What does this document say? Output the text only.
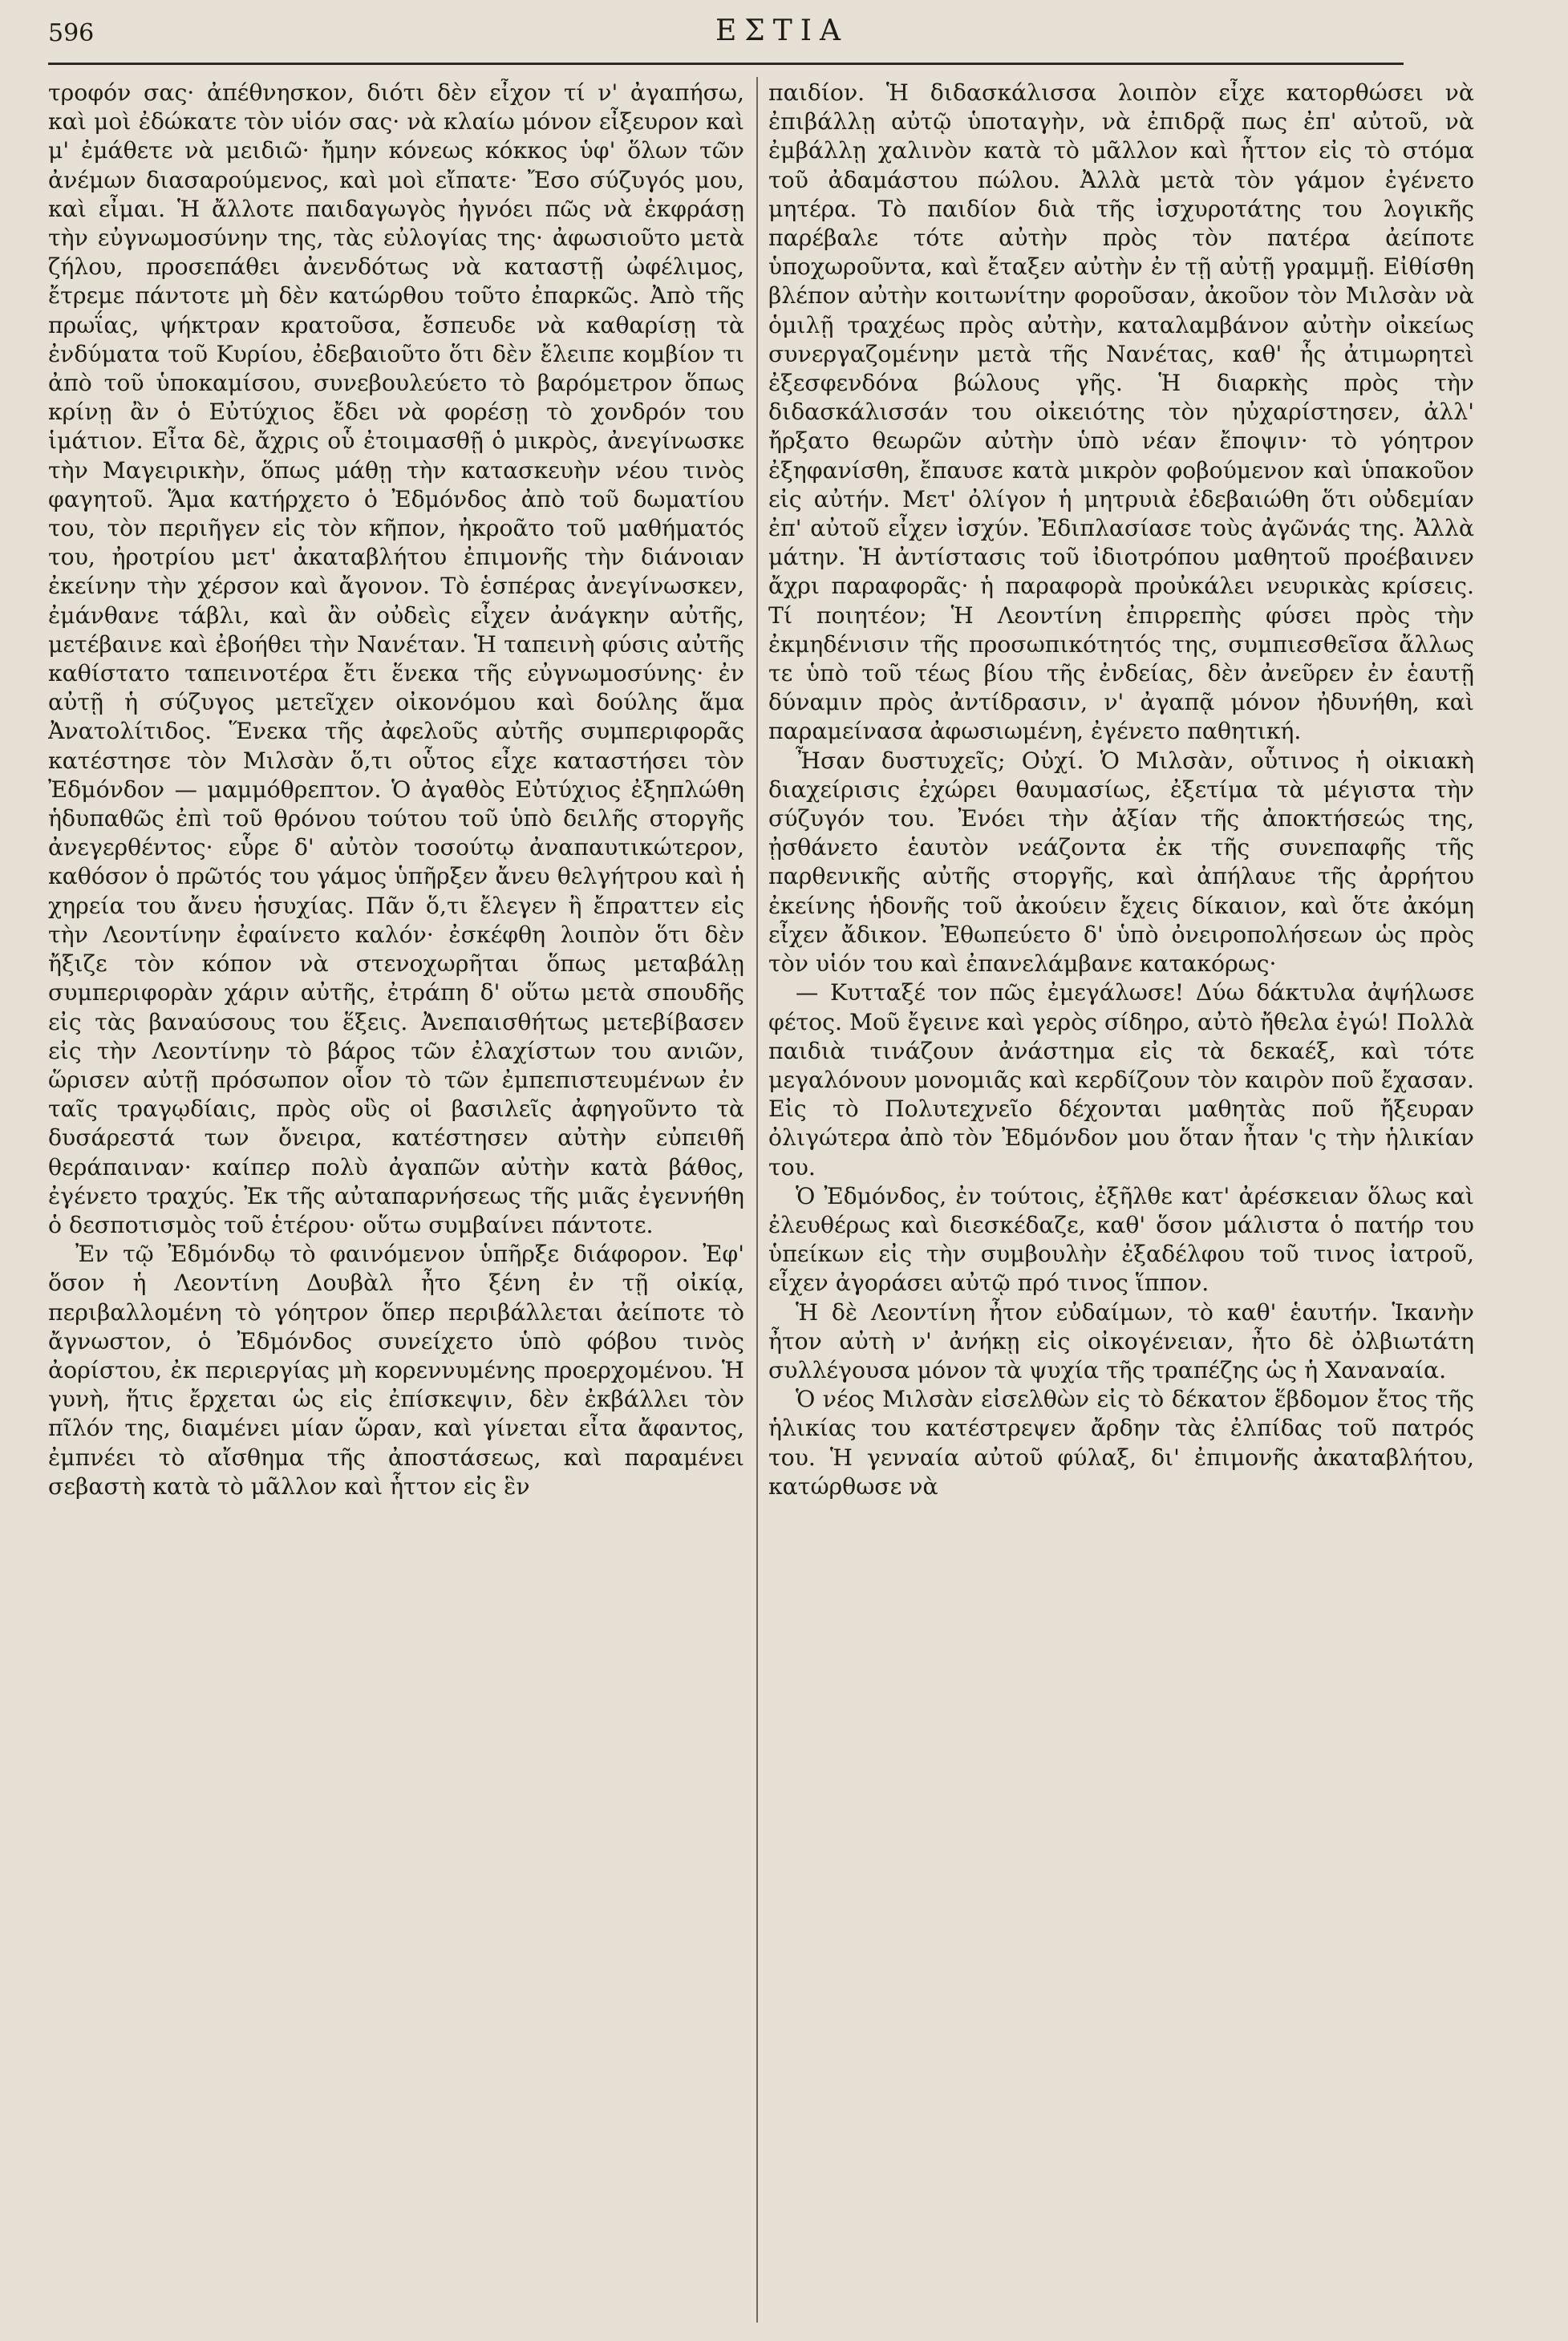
596	ΕΣΤΙΑ

τροφόν σας· ἀπέθνησκον, διότι δὲν εἶχον τί ν' ἀγαπήσω, καὶ μοὶ ἐδώκατε τὸν υἱόν σας· νὰ κλαίω μόνον εἶξευρον καὶ μ' ἐμάθετε νὰ μειδιῶ· ἤμην κόνεως κόκκος ὑφ' ὅλων τῶν ἀνέμων διασαρούμενος, καὶ μοὶ εἴπατε· Ἔσο σύζυγός μου, καὶ εἶμαι. Ἡ ἄλλοτε παιδαγωγὸς ἠγνόει πῶς νὰ ἐκφράσῃ τὴν εὐγνωμοσύνην της, τὰς εὐλογίας της· ἀφωσιοῦτο μετὰ ζήλου, προσεπάθει ἀνενδότως νὰ καταστῇ ὠφέλιμος, ἔτρεμε πάντοτε μὴ δὲν κατώρθου τοῦτο ἐπαρκῶς. Ἀπὸ τῆς πρωΐας, ψήκτραν κρατοῦσα, ἔσπευδε νὰ καθαρίσῃ τὰ ἐνδύματα τοῦ Κυρίου, ἐδεβαιοῦτο ὅτι δὲν ἔλειπε κομβίον τι ἀπὸ τοῦ ὑποκαμίσου, συνεβουλεύετο τὸ βαρόμετρον ὅπως κρίνῃ ἂν ὁ Εὐτύχιος ἔδει νὰ φορέσῃ τὸ χονδρόν του ἱμάτιον. Εἶτα δὲ, ἄχρις οὗ ἐτοιμασθῇ ὁ μικρὸς, ἀνεγίνωσκε τὴν Μαγειρικὴν, ὅπως μάθῃ τὴν κατασκευὴν νέου τινὸς φαγητοῦ. Ἅμα κατήρχετο ὁ Ἐδμόνδος ἀπὸ τοῦ δωματίου του, τὸν περιῆγεν εἰς τὸν κῆπον, ἠκροᾶτο τοῦ μαθήματός του, ἠροτρίου μετ' ἀκαταβλήτου ἐπιμονῆς τὴν διάνοιαν ἐκείνην τὴν χέρσον καὶ ἄγονον. Τὸ ἑσπέρας ἀνεγίνωσκεν, ἐμάνθανε τάβλι, καὶ ἂν οὐδεὶς εἶχεν ἀνάγκην αὐτῆς, μετέβαινε καὶ ἐβοήθει τὴν Νανέταν. Ἡ ταπεινὴ φύσις αὐτῆς καθίστατο ταπεινοτέρα ἔτι ἕνεκα τῆς εὐγνωμοσύνης· ἐν αὐτῇ ἡ σύζυγος μετεῖχεν οἰκονόμου καὶ δούλης ἅμα Ἀνατολίτιδος. Ἕνεκα τῆς ἀφελοῦς αὐτῆς συμπεριφορᾶς κατέστησε τὸν Μιλσὰν ὅ,τι οὗτος εἶχε καταστήσει τὸν Ἐδμόνδον — μαμμόθρεπτον. Ὁ ἀγαθὸς Εὐτύχιος ἐξηπλώθη ἡδυπαθῶς ἐπὶ τοῦ θρόνου τούτου τοῦ ὑπὸ δειλῆς στοργῆς ἀνεγερθέντος· εὗρε δ' αὐτὸν τοσούτῳ ἀναπαυτικώτερον, καθόσον ὁ πρῶτός του γάμος ὑπῆρξεν ἄνευ θελγήτρου καὶ ἡ χηρεία του ἄνευ ἡσυχίας. Πᾶν ὅ,τι ἔλεγεν ἢ ἔπραττεν εἰς τὴν Λεοντίνην ἐφαίνετο καλόν· ἐσκέφθη λοιπὸν ὅτι δὲν ἤξιζε τὸν κόπον νὰ στενοχωρῆται ὅπως μεταβάλῃ συμπεριφορὰν χάριν αὐτῆς, ἐτράπη δ' οὕτω μετὰ σπουδῆς εἰς τὰς βαναύσους του ἕξεις. Ἀνεπαισθήτως μετεβίβασεν εἰς τὴν Λεοντίνην τὸ βάρος τῶν ἐλαχίστων του ανιῶν, ὥρισεν αὐτῇ πρόσωπον οἷον τὸ τῶν ἐμπεπιστευμένων ἐν ταῖς τραγῳδίαις, πρὸς οὓς οἱ βασιλεῖς ἀφηγοῦντο τὰ δυσάρεστά των ὄνειρα, κατέστησεν αὐτὴν εὐπειθῆ θεράπαιναν· καίπερ πολὺ ἀγαπῶν αὐτὴν κατὰ βάθος, ἐγένετο τραχύς. Ἐκ τῆς αὐταπαρνήσεως τῆς μιᾶς ἐγεννήθη ὁ δεσποτισμὸς τοῦ ἑτέρου· οὕτω συμβαίνει πάντοτε.

Ἐν τῷ Ἐδμόνδῳ τὸ φαινόμενον ὑπῆρξε διάφορον. Ἐφ' ὅσον ἡ Λεοντίνη Δουβὰλ ἦτο ξένη ἐν τῇ οἰκίᾳ, περιβαλλομένη τὸ γόητρον ὅπερ περιβάλλεται ἀείποτε τὸ ἄγνωστον, ὁ Ἐδμόνδος συνείχετο ὑπὸ φόβου τινὸς ἀορίστου, ἐκ περιεργίας μὴ κορεννυμένης προερχομένου. Ἡ γυνὴ, ἥτις ἔρχεται ὡς εἰς ἐπίσκεψιν, δὲν ἐκβάλλει τὸν πῖλόν της, διαμένει μίαν ὥραν, καὶ γίνεται εἶτα ἄφαντος, ἐμπνέει τὸ αἴσθημα τῆς ἀποστάσεως, καὶ παραμένει σεβαστὴ κατὰ τὸ μᾶλλον καὶ ἧττον εἰς ἓν

παιδίον. Ἡ διδασκάλισσα λοιπὸν εἶχε κατορθώσει νὰ ἐπιβάλλῃ αὐτῷ ὑποταγὴν, νὰ ἐπιδρᾷ πως ἐπ' αὐτοῦ, νὰ ἐμβάλλῃ χαλινὸν κατὰ τὸ μᾶλλον καὶ ἧττον εἰς τὸ στόμα τοῦ ἀδαμάστου πώλου. Ἀλλὰ μετὰ τὸν γάμον ἐγένετο μητέρα. Τὸ παιδίον διὰ τῆς ἰσχυροτάτης του λογικῆς παρέβαλε τότε αὐτὴν πρὸς τὸν πατέρα ἀείποτε ὑποχωροῦντα, καὶ ἔταξεν αὐτὴν ἐν τῇ αὐτῇ γραμμῇ. Εἰθίσθη βλέπον αὐτὴν κοιτωνίτην φοροῦσαν, ἀκοῦον τὸν Μιλσὰν νὰ ὁμιλῇ τραχέως πρὸς αὐτὴν, καταλαμβάνον αὐτὴν οἰκείως συνεργαζομένην μετὰ τῆς Νανέτας, καθ' ἧς ἀτιμωρητεὶ ἐξεσφενδόνα βώλους γῆς. Ἡ διαρκὴς πρὸς τὴν διδασκάλισσάν του οἰκειότης τὸν ηὐχαρίστησεν, ἀλλ' ἤρξατο θεωρῶν αὐτὴν ὑπὸ νέαν ἔποψιν· τὸ γόητρον ἐξηφανίσθη, ἔπαυσε κατὰ μικρὸν φοβούμενον καὶ ὑπακοῦον εἰς αὐτήν. Μετ' ὀλίγον ἡ μητρυιὰ ἐδεβαιώθη ὅτι οὐδεμίαν ἐπ' αὐτοῦ εἶχεν ἰσχύν. Ἐδιπλασίασε τοὺς ἀγῶνάς της. Ἀλλὰ μάτην. Ἡ ἀντίστασις τοῦ ἰδιοτρόπου μαθητοῦ προέβαινεν ἄχρι παραφορᾶς· ἡ παραφορὰ προὐκάλει νευρικὰς κρίσεις. Τί ποιητέον; Ἡ Λεοντίνη ἐπιρρεπὴς φύσει πρὸς τὴν ἐκμηδένισιν τῆς προσωπικότητός της, συμπιεσθεῖσα ἄλλως τε ὑπὸ τοῦ τέως βίου τῆς ἐνδείας, δὲν ἀνεῦρεν ἐν ἑαυτῇ δύναμιν πρὸς ἀντίδρασιν, ν' ἀγαπᾷ μόνον ἠδυνήθη, καὶ παραμείνασα ἀφωσιωμένη, ἐγένετο παθητική.

Ἦσαν δυστυχεῖς; Οὐχί. Ὁ Μιλσὰν, οὗτινος ἡ οἰκιακὴ διαχείρισις ἐχώρει θαυμασίως, ἐξετίμα τὰ μέγιστα τὴν σύζυγόν του. Ἐνόει τὴν ἀξίαν τῆς ἀποκτήσεώς της, ᾐσθάνετο ἑαυτὸν νεάζοντα ἐκ τῆς συνεπαφῆς τῆς παρθενικῆς αὐτῆς στοργῆς, καὶ ἀπήλαυε τῆς ἀρρήτου ἐκείνης ἡδονῆς τοῦ ἀκούειν ἔχεις δίκαιον, καὶ ὅτε ἀκόμη εἶχεν ἄδικον. Ἐθωπεύετο δ' ὑπὸ ὀνειροπολήσεων ὡς πρὸς τὸν υἱόν του καὶ ἐπανελάμβανε κατακόρως·

— Κυτταξέ τον πῶς ἐμεγάλωσε! Δύω δάκτυλα ἀψήλωσε φέτος. Μοῦ ἔγεινε καὶ γερὸς σίδηρο, αὐτὸ ἤθελα ἐγώ! Πολλὰ παιδιὰ τινάζουν ἀνάστημα εἰς τὰ δεκαέξ, καὶ τότε μεγαλόνουν μονομιᾶς καὶ κερδίζουν τὸν καιρὸν ποῦ ἔχασαν. Εἰς τὸ Πολυτεχνεῖο δέχονται μαθητὰς ποῦ ἤξευραν ὀλιγώτερα ἀπὸ τὸν Ἐδμόνδον μου ὅταν ἦταν 'ς τὴν ἡλικίαν του.

Ὁ Ἐδμόνδος, ἐν τούτοις, ἐξῆλθε κατ' ἀρέσκειαν ὅλως καὶ ἐλευθέρως καὶ διεσκέδαζε, καθ' ὅσον μάλιστα ὁ πατήρ του ὑπείκων εἰς τὴν συμβουλὴν ἐξαδέλφου τοῦ τινος ἰατροῦ, εἶχεν ἀγοράσει αὐτῷ πρό τινος ἵππον.

Ἡ δὲ Λεοντίνη ἦτον εὐδαίμων, τὸ καθ' ἑαυτήν. Ἱκανὴν ἦτον αὐτὴ ν' ἀνήκῃ εἰς οἰκογένειαν, ἦτο δὲ ὀλβιωτάτη συλλέγουσα μόνον τὰ ψυχία τῆς τραπέζης ὡς ἡ Χαναναία.

Ὁ νέος Μιλσὰν εἰσελθὼν εἰς τὸ δέκατον ἕβδομον ἔτος τῆς ἡλικίας του κατέστρεψεν ἄρδην τὰς ἐλπίδας τοῦ πατρός του. Ἡ γενναία αὐτοῦ φύλαξ, δι' ἐπιμονῆς ἀκαταβλήτου, κατώρθωσε νὰ
